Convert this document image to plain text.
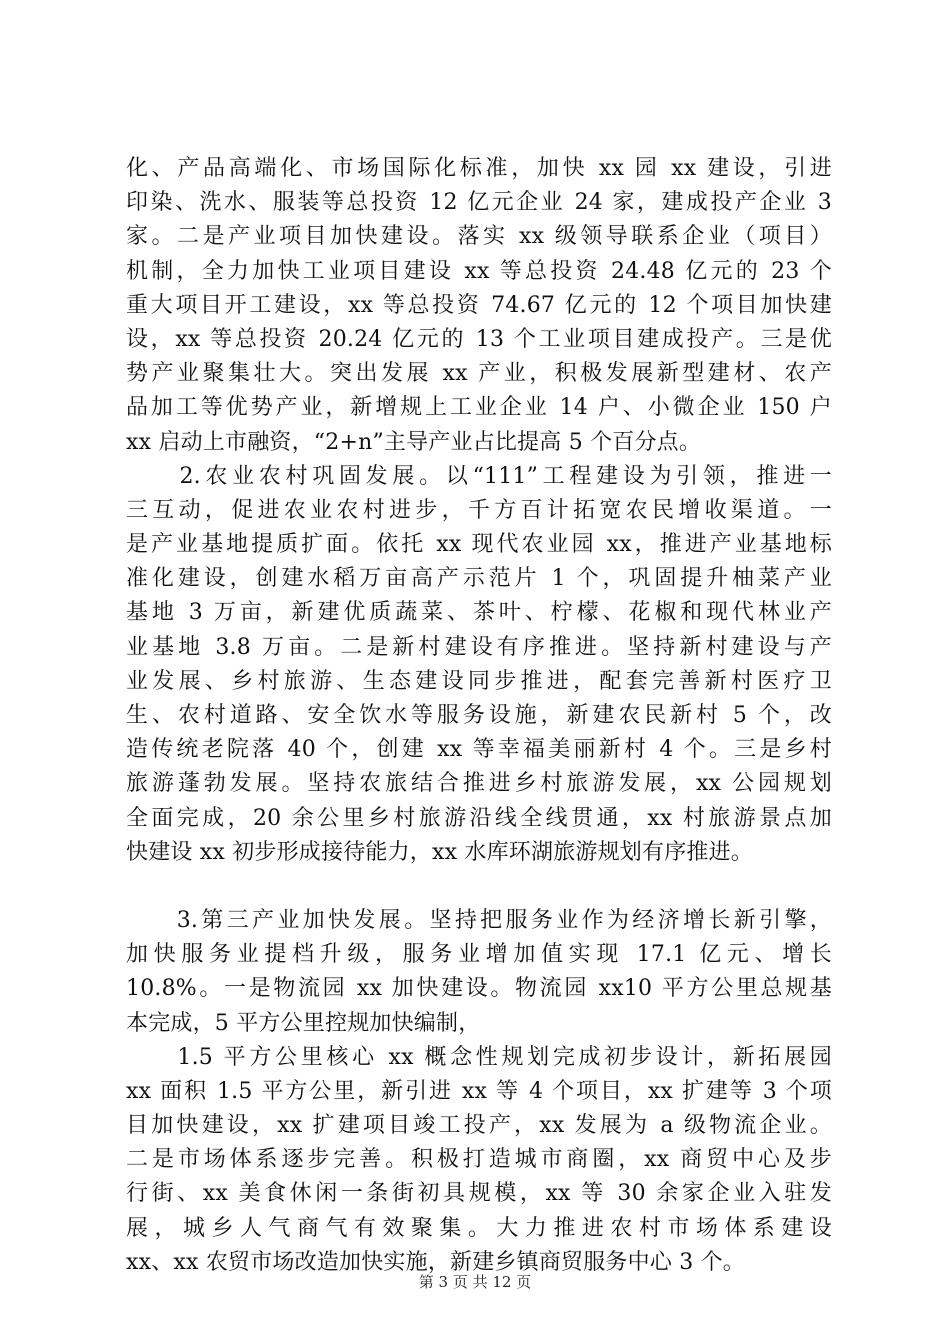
化、产品高端化、市场国际化标准，加快 xx 园 xx 建设，引进
印染、洗水、服装等总投资 12 亿元企业 24 家，建成投产企业 3
家。二是产业项目加快建设。落实 xx 级领导联系企业（项目）
机制，全力加快工业项目建设 xx 等总投资 24.48 亿元的 23 个
重大项目开工建设，xx 等总投资 74.67 亿元的 12 个项目加快建
设，xx 等总投资 20.24 亿元的 13 个工业项目建成投产。三是优
势产业聚集壮大。突出发展 xx 产业，积极发展新型建材、农产
品加工等优势产业，新增规上工业企业 14 户、小微企业 150 户
xx 启动上市融资，“2+n”主导产业占比提高 5 个百分点。
　　2.农业农村巩固发展。以“111”工程建设为引领，推进一
三互动，促进农业农村进步，千方百计拓宽农民增收渠道。一
是产业基地提质扩面。依托 xx 现代农业园 xx，推进产业基地标
准化建设，创建水稻万亩高产示范片 1 个，巩固提升柚菜产业
基地 3 万亩，新建优质蔬菜、茶叶、柠檬、花椒和现代林业产
业基地 3.8 万亩。二是新村建设有序推进。坚持新村建设与产
业发展、乡村旅游、生态建设同步推进，配套完善新村医疗卫
生、农村道路、安全饮水等服务设施，新建农民新村 5 个，改
造传统老院落 40 个，创建 xx 等幸福美丽新村 4 个。三是乡村
旅游蓬勃发展。坚持农旅结合推进乡村旅游发展，xx 公园规划
全面完成，20 余公里乡村旅游沿线全线贯通，xx 村旅游景点加
快建设 xx 初步形成接待能力，xx 水库环湖旅游规划有序推进。
　　3.第三产业加快发展。坚持把服务业作为经济增长新引擎，
加快服务业提档升级，服务业增加值实现 17.1 亿元、增长
10.8%。一是物流园 xx 加快建设。物流园 xx10 平方公里总规基
本完成，5 平方公里控规加快编制，
　　1.5 平方公里核心 xx 概念性规划完成初步设计，新拓展园
xx 面积 1.5 平方公里，新引进 xx 等 4 个项目，xx 扩建等 3 个项
目加快建设，xx 扩建项目竣工投产，xx 发展为 a 级物流企业。
二是市场体系逐步完善。积极打造城市商圈，xx 商贸中心及步
行街、xx 美食休闲一条街初具规模，xx 等 30 余家企业入驻发
展，城乡人气商气有效聚集。大力推进农村市场体系建设
xx、xx 农贸市场改造加快实施，新建乡镇商贸服务中心 3 个。
第 3 页 共 12 页
